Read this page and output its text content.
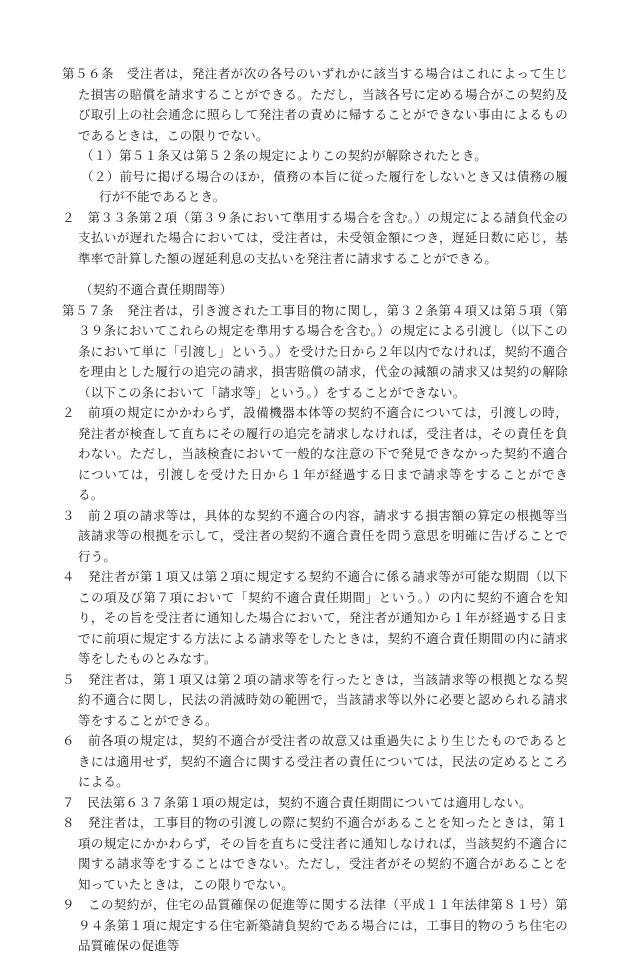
第５６条　受注者は，発注者が次の各号のいずれかに該当する場合はこれによって生じた損害の賠償を請求することができる。ただし，当該各号に定める場合がこの契約及び取引上の社会通念に照らして発注者の責めに帰することができない事由によるものであるときは，この限りでない。

（１）第５１条又は第５２条の規定によりこの契約が解除されたとき。

（２）前号に掲げる場合のほか，債務の本旨に従った履行をしないとき又は債務の履行が不能であるとき。

２　第３３条第２項（第３９条において準用する場合を含む。）の規定による請負代金の支払いが遅れた場合においては，受注者は，未受領金額につき，遅延日数に応じ，基準率で計算した額の遅延利息の支払いを発注者に請求することができる。

（契約不適合責任期間等）

第５７条　発注者は，引き渡された工事目的物に関し，第３２条第４項又は第５項（第３９条においてこれらの規定を準用する場合を含む。）の規定による引渡し（以下この条において単に「引渡し」という。）を受けた日から２年以内でなければ，契約不適合を理由とした履行の追完の請求，損害賠償の請求，代金の減額の請求又は契約の解除（以下この条において「請求等」という。）をすることができない。

２　前項の規定にかかわらず，設備機器本体等の契約不適合については，引渡しの時，発注者が検査して直ちにその履行の追完を請求しなければ，受注者は，その責任を負わない。ただし，当該検査において一般的な注意の下で発見できなかった契約不適合については，引渡しを受けた日から１年が経過する日まで請求等をすることができる。

３　前２項の請求等は，具体的な契約不適合の内容，請求する損害額の算定の根拠等当該請求等の根拠を示して，受注者の契約不適合責任を問う意思を明確に告げることで行う。

４　発注者が第１項又は第２項に規定する契約不適合に係る請求等が可能な期間（以下この項及び第７項において「契約不適合責任期間」という。）の内に契約不適合を知り，その旨を受注者に通知した場合において，発注者が通知から１年が経過する日までに前項に規定する方法による請求等をしたときは，契約不適合責任期間の内に請求等をしたものとみなす。

５　発注者は，第１項又は第２項の請求等を行ったときは，当該請求等の根拠となる契約不適合に関し，民法の消滅時効の範囲で，当該請求等以外に必要と認められる請求等をすることができる。

６　前各項の規定は，契約不適合が受注者の故意又は重過失により生じたものであるときには適用せず，契約不適合に関する受注者の責任については，民法の定めるところによる。

７　民法第６３７条第１項の規定は，契約不適合責任期間については適用しない。

８　発注者は，工事目的物の引渡しの際に契約不適合があることを知ったときは，第１項の規定にかかわらず，その旨を直ちに受注者に通知しなければ，当該契約不適合に関する請求等をすることはできない。ただし，受注者がその契約不適合があることを知っていたときは，この限りでない。

９　この契約が，住宅の品質確保の促進等に関する法律（平成１１年法律第８１号）第９４条第１項に規定する住宅新築請負契約である場合には，工事目的物のうち住宅の品質確保の促進等
